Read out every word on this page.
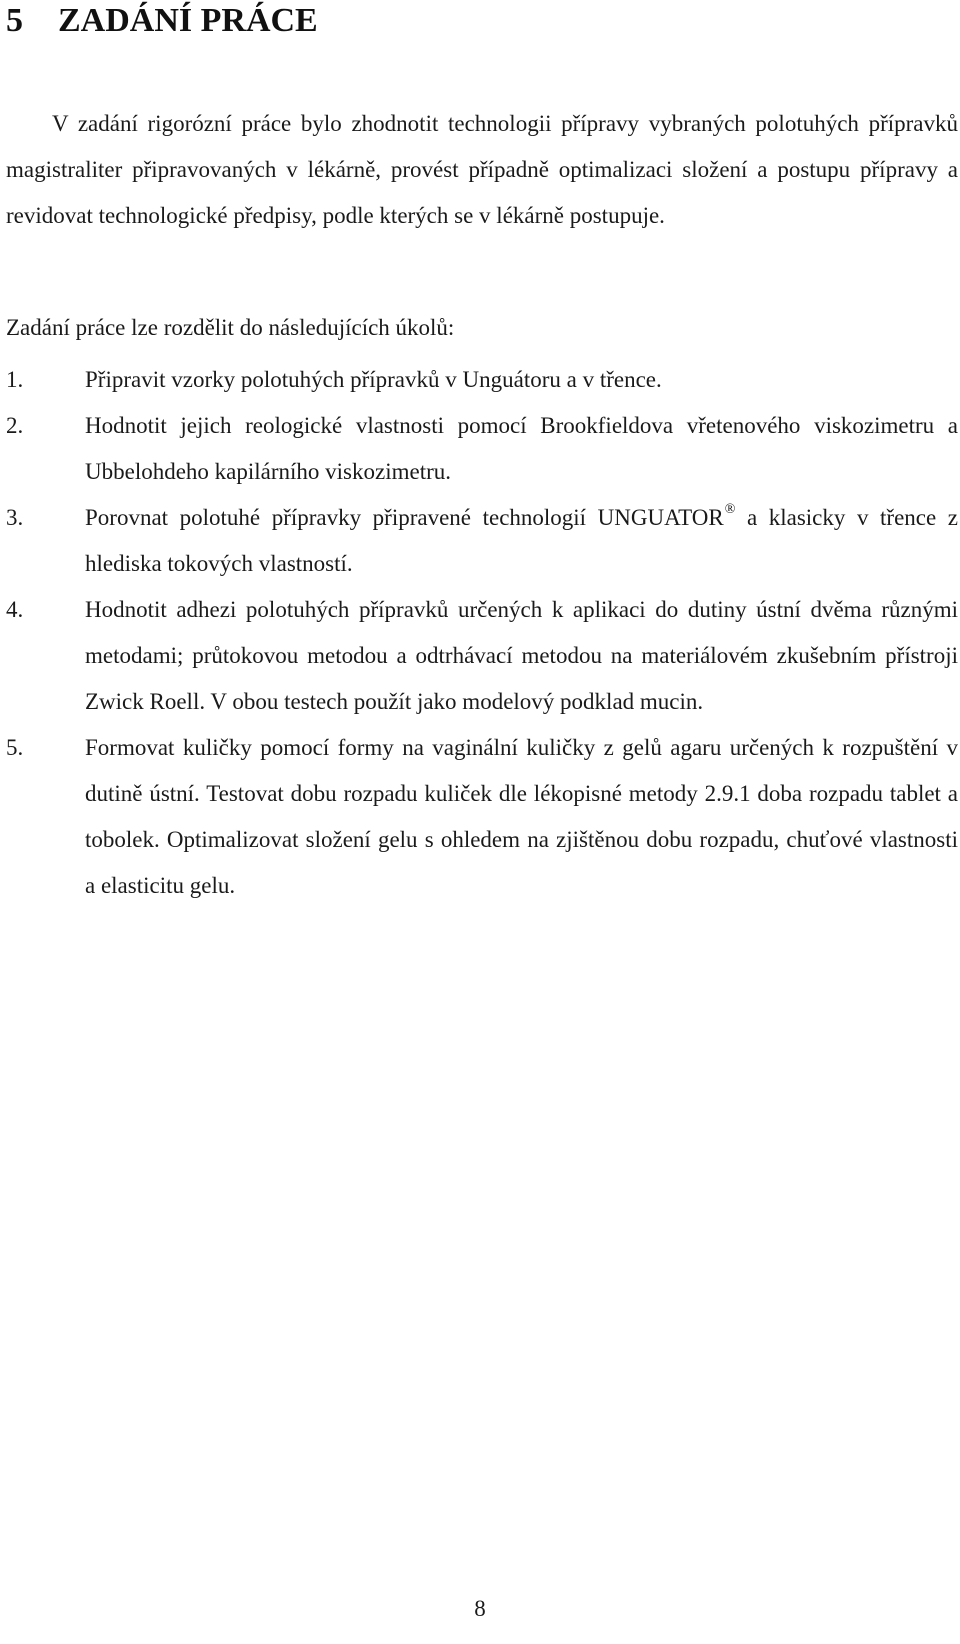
5 ZADÁNÍ PRÁCE

V zadání rigorózní práce bylo zhodnotit technologii přípravy vybraných polotuhých přípravků magistraliter připravovaných v lékárně, provést případně optimalizaci složení a postupu přípravy a revidovat technologické předpisy, podle kterých se v lékárně postupuje.

Zadání práce lze rozdělit do následujících úkolů:

1.	Připravit vzorky polotuhých přípravků v Unguátoru a v třence.
2.	Hodnotit jejich reologické vlastnosti pomocí Brookfieldova vřetenového viskozimetru a Ubbelohdeho kapilárního viskozimetru.
3.	Porovnat polotuhé přípravky připravené technologií UNGUATOR® a klasicky v třence z hlediska tokových vlastností.
4.	Hodnotit adhezi polotuhých přípravků určených k aplikaci do dutiny ústní dvěma různými metodami; průtokovou metodou a odtrhávací metodou na materiálovém zkušebním přístroji Zwick Roell. V obou testech použít jako modelový podklad mucin.
5.	Formovat kuličky pomocí formy na vaginální kuličky z gelů agaru určených k rozpuštění v dutině ústní. Testovat dobu rozpadu kuliček dle lékopisné metody 2.9.1 doba rozpadu tablet a tobolek. Optimalizovat složení gelu s ohledem na zjištěnou dobu rozpadu, chuťové vlastnosti a elasticitu gelu.

8
